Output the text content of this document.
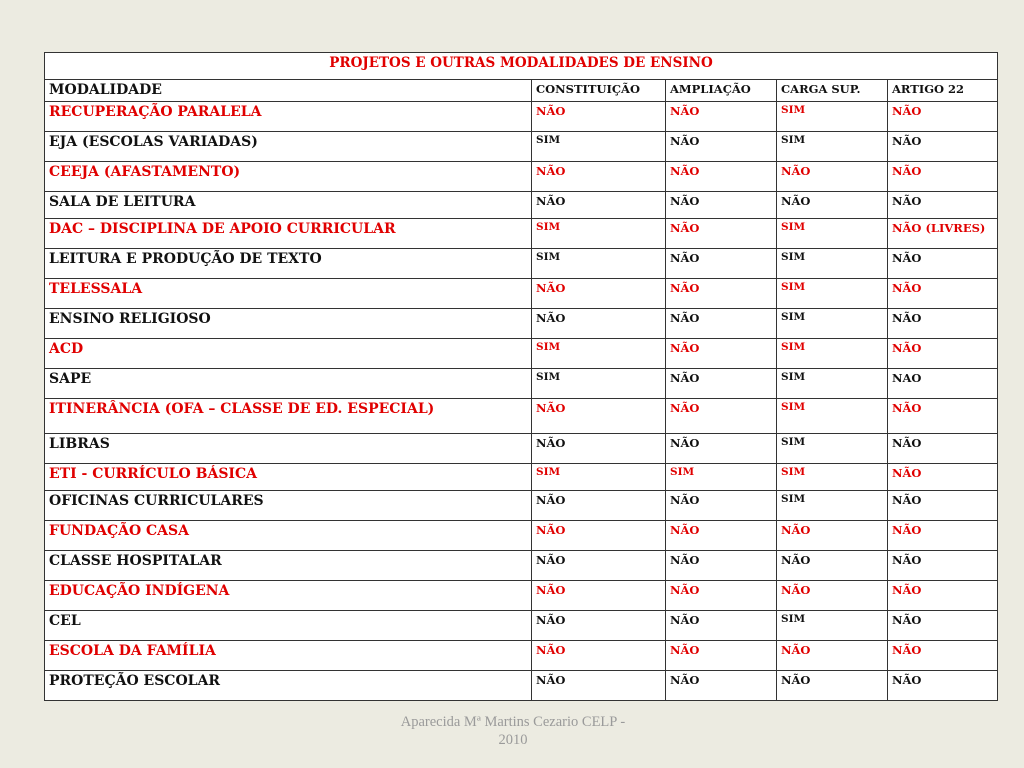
PROJETOS E OUTRAS MODALIDADES DE ENSINO				
MODALIDADE	CONSTITUIÇÃO	AMPLIAÇÃO	CARGA SUP.	ARTIGO 22
RECUPERAÇÃO PARALELA	NÃO	NÃO	SIM	NÃO
EJA (ESCOLAS VARIADAS)	SIM	NÃO	SIM	NÃO
CEEJA (AFASTAMENTO)	NÃO	NÃO	NÃO	NÃO
SALA DE LEITURA	NÃO	NÃO	NÃO	NÃO
DAC – DISCIPLINA DE APOIO CURRICULAR	SIM	NÃO	SIM	NÃO (LIVRES)
LEITURA E PRODUÇÃO DE TEXTO	SIM	NÃO	SIM	NÃO
TELESSALA	NÃO	NÃO	SIM	NÃO
ENSINO RELIGIOSO	NÃO	NÃO	SIM	NÃO
ACD	SIM	NÃO	SIM	NÃO
SAPE	SIM	NÃO	SIM	NAO
ITINERÂNCIA (OFA – CLASSE DE ED. ESPECIAL)	NÃO	NÃO	SIM	NÃO
LIBRAS	NÃO	NÃO	SIM	NÃO
ETI - CURRÍCULO BÁSICA	SIM	SIM	SIM	NÃO
OFICINAS CURRICULARES	NÃO	NÃO	SIM	NÃO
FUNDAÇÃO CASA	NÃO	NÃO	NÃO	NÃO
CLASSE HOSPITALAR	NÃO	NÃO	NÃO	NÃO
EDUCAÇÃO INDÍGENA	NÃO	NÃO	NÃO	NÃO
CEL	NÃO	NÃO	SIM	NÃO
ESCOLA DA FAMÍLIA	NÃO	NÃO	NÃO	NÃO
PROTEÇÃO ESCOLAR	NÃO	NÃO	NÃO	NÃO
Aparecida Mª Martins Cezario CELP -
2010
